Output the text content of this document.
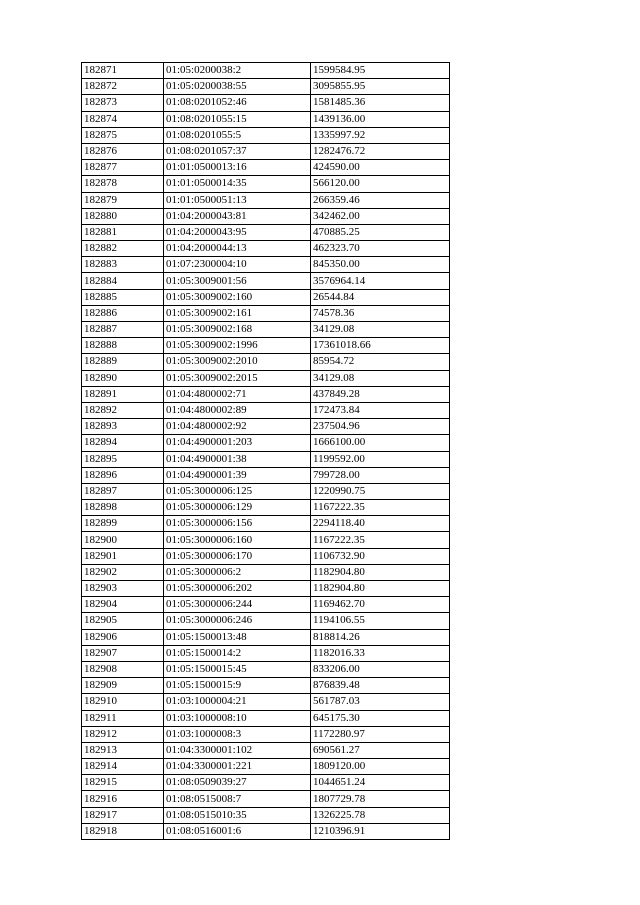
182871	01:05:0200038:2	1599584.95
182872	01:05:0200038:55	3095855.95
182873	01:08:0201052:46	1581485.36
182874	01:08:0201055:15	1439136.00
182875	01:08:0201055:5	1335997.92
182876	01:08:0201057:37	1282476.72
182877	01:01:0500013:16	424590.00
182878	01:01:0500014:35	566120.00
182879	01:01:0500051:13	266359.46
182880	01:04:2000043:81	342462.00
182881	01:04:2000043:95	470885.25
182882	01:04:2000044:13	462323.70
182883	01:07:2300004:10	845350.00
182884	01:05:3009001:56	3576964.14
182885	01:05:3009002:160	26544.84
182886	01:05:3009002:161	74578.36
182887	01:05:3009002:168	34129.08
182888	01:05:3009002:1996	17361018.66
182889	01:05:3009002:2010	85954.72
182890	01:05:3009002:2015	34129.08
182891	01:04:4800002:71	437849.28
182892	01:04:4800002:89	172473.84
182893	01:04:4800002:92	237504.96
182894	01:04:4900001:203	1666100.00
182895	01:04:4900001:38	1199592.00
182896	01:04:4900001:39	799728.00
182897	01:05:3000006:125	1220990.75
182898	01:05:3000006:129	1167222.35
182899	01:05:3000006:156	2294118.40
182900	01:05:3000006:160	1167222.35
182901	01:05:3000006:170	1106732.90
182902	01:05:3000006:2	1182904.80
182903	01:05:3000006:202	1182904.80
182904	01:05:3000006:244	1169462.70
182905	01:05:3000006:246	1194106.55
182906	01:05:1500013:48	818814.26
182907	01:05:1500014:2	1182016.33
182908	01:05:1500015:45	833206.00
182909	01:05:1500015:9	876839.48
182910	01:03:1000004:21	561787.03
182911	01:03:1000008:10	645175.30
182912	01:03:1000008:3	1172280.97
182913	01:04:3300001:102	690561.27
182914	01:04:3300001:221	1809120.00
182915	01:08:0509039:27	1044651.24
182916	01:08:0515008:7	1807729.78
182917	01:08:0515010:35	1326225.78
182918	01:08:0516001:6	1210396.91
